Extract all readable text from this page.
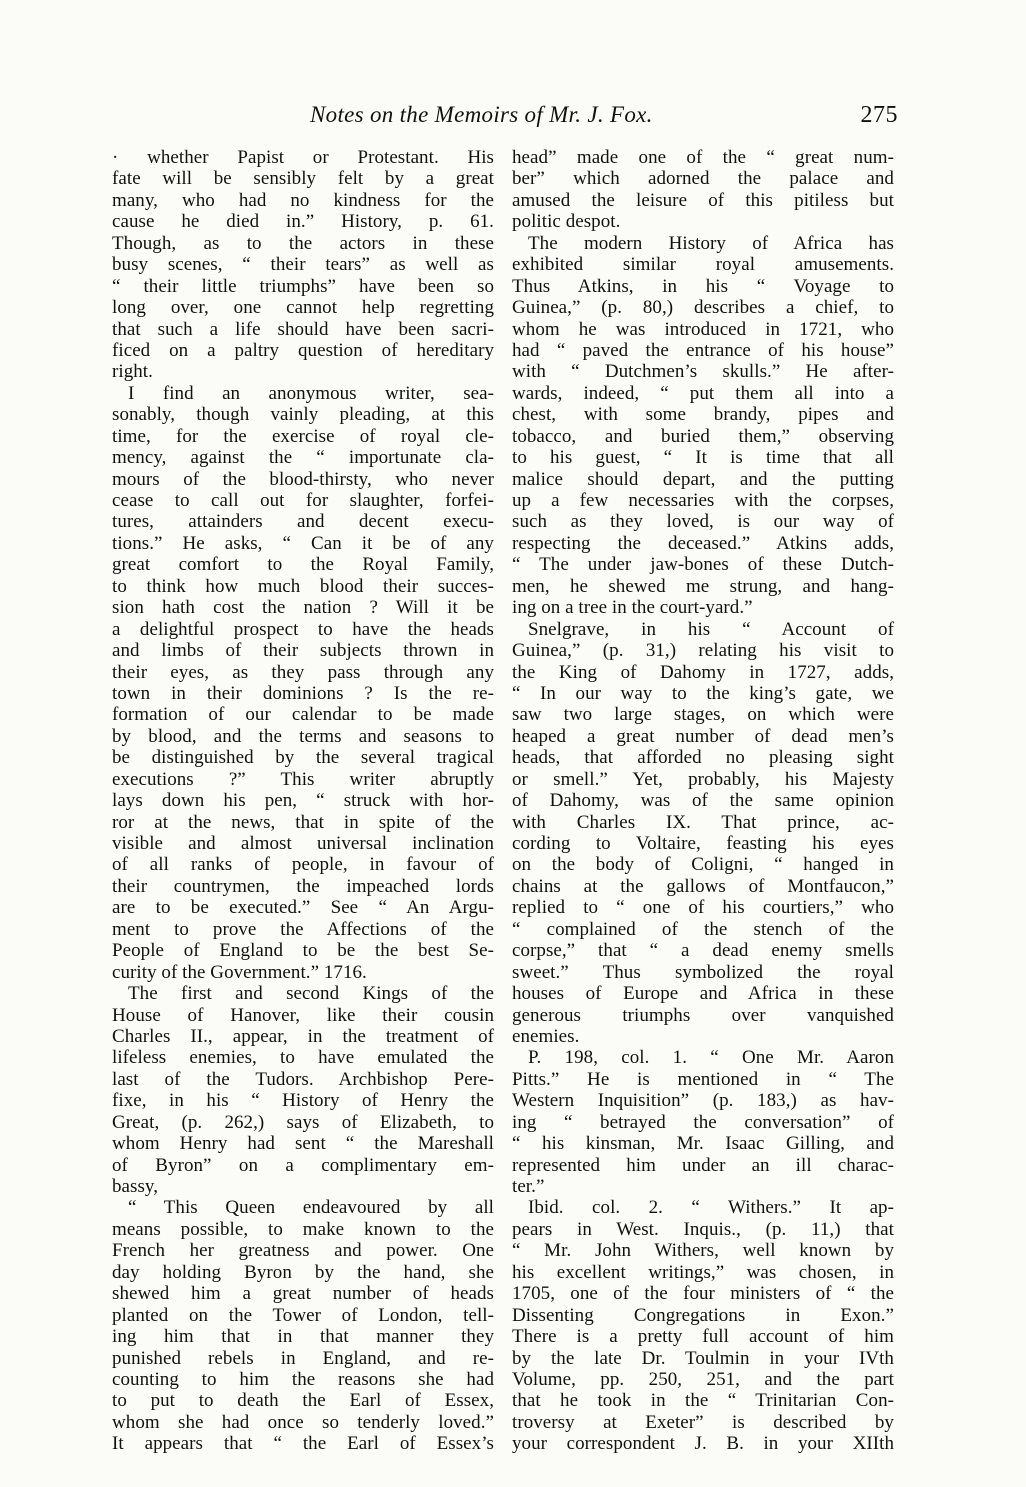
Notes on the Memoirs of Mr. J. Fox.	275
· whether Papist or Protestant. His
fate will be sensibly felt by a great
many, who had no kindness for the
cause he died in.” History, p. 61.
Though, as to the actors in these
busy scenes, “ their tears” as well as
“ their little triumphs” have been so
long over, one cannot help regretting
that such a life should have been sacri-
ficed on a paltry question of hereditary
right.
I find an anonymous writer, sea-
sonably, though vainly pleading, at this
time, for the exercise of royal cle-
mency, against the “ importunate cla-
mours of the blood-thirsty, who never
cease to call out for slaughter, forfei-
tures, attainders and decent execu-
tions.” He asks, “ Can it be of any
great comfort to the Royal Family,
to think how much blood their succes-
sion hath cost the nation ? Will it be
a delightful prospect to have the heads
and limbs of their subjects thrown in
their eyes, as they pass through any
town in their dominions ? Is the re-
formation of our calendar to be made
by blood, and the terms and seasons to
be distinguished by the several tragical
executions ?” This writer abruptly
lays down his pen, “ struck with hor-
ror at the news, that in spite of the
visible and almost universal inclination
of all ranks of people, in favour of
their countrymen, the impeached lords
are to be executed.” See “ An Argu-
ment to prove the Affections of the
People of England to be the best Se-
curity of the Government.” 1716.
The first and second Kings of the
House of Hanover, like their cousin
Charles II., appear, in the treatment of
lifeless enemies, to have emulated the
last of the Tudors. Archbishop Pere-
fixe, in his “ History of Henry the
Great, (p. 262,) says of Elizabeth, to
whom Henry had sent “ the Mareshall
of Byron” on a complimentary em-
bassy,
“ This Queen endeavoured by all
means possible, to make known to the
French her greatness and power. One
day holding Byron by the hand, she
shewed him a great number of heads
planted on the Tower of London, tell-
ing him that in that manner they
punished rebels in England, and re-
counting to him the reasons she had
to put to death the Earl of Essex,
whom she had once so tenderly loved.”
It appears that “ the Earl of Essex’s
head” made one of the “ great num-
ber” which adorned the palace and
amused the leisure of this pitiless but
politic despot.
The modern History of Africa has
exhibited similar royal amusements.
Thus Atkins, in his “ Voyage to
Guinea,” (p. 80,) describes a chief, to
whom he was introduced in 1721, who
had “ paved the entrance of his house”
with “ Dutchmen’s skulls.” He after-
wards, indeed, “ put them all into a
chest, with some brandy, pipes and
tobacco, and buried them,” observing
to his guest, “ It is time that all
malice should depart, and the putting
up a few necessaries with the corpses,
such as they loved, is our way of
respecting the deceased.” Atkins adds,
“ The under jaw-bones of these Dutch-
men, he shewed me strung, and hang-
ing on a tree in the court-yard.”
Snelgrave, in his “ Account of
Guinea,” (p. 31,) relating his visit to
the King of Dahomy in 1727, adds,
“ In our way to the king’s gate, we
saw two large stages, on which were
heaped a great number of dead men’s
heads, that afforded no pleasing sight
or smell.” Yet, probably, his Majesty
of Dahomy, was of the same opinion
with Charles IX. That prince, ac-
cording to Voltaire, feasting his eyes
on the body of Coligni, “ hanged in
chains at the gallows of Montfaucon,”
replied to “ one of his courtiers,” who
“ complained of the stench of the
corpse,” that “ a dead enemy smells
sweet.” Thus symbolized the royal
houses of Europe and Africa in these
generous triumphs over vanquished
enemies.
P. 198, col. 1. “ One Mr. Aaron
Pitts.” He is mentioned in “ The
Western Inquisition” (p. 183,) as hav-
ing “ betrayed the conversation” of
“ his kinsman, Mr. Isaac Gilling, and
represented him under an ill charac-
ter.”
Ibid. col. 2. “ Withers.” It ap-
pears in West. Inquis., (p. 11,) that
“ Mr. John Withers, well known by
his excellent writings,” was chosen, in
1705, one of the four ministers of “ the
Dissenting Congregations in Exon.”
There is a pretty full account of him
by the late Dr. Toulmin in your IVth
Volume, pp. 250, 251, and the part
that he took in the “ Trinitarian Con-
troversy at Exeter” is described by
your correspondent J. B. in your XIIth
